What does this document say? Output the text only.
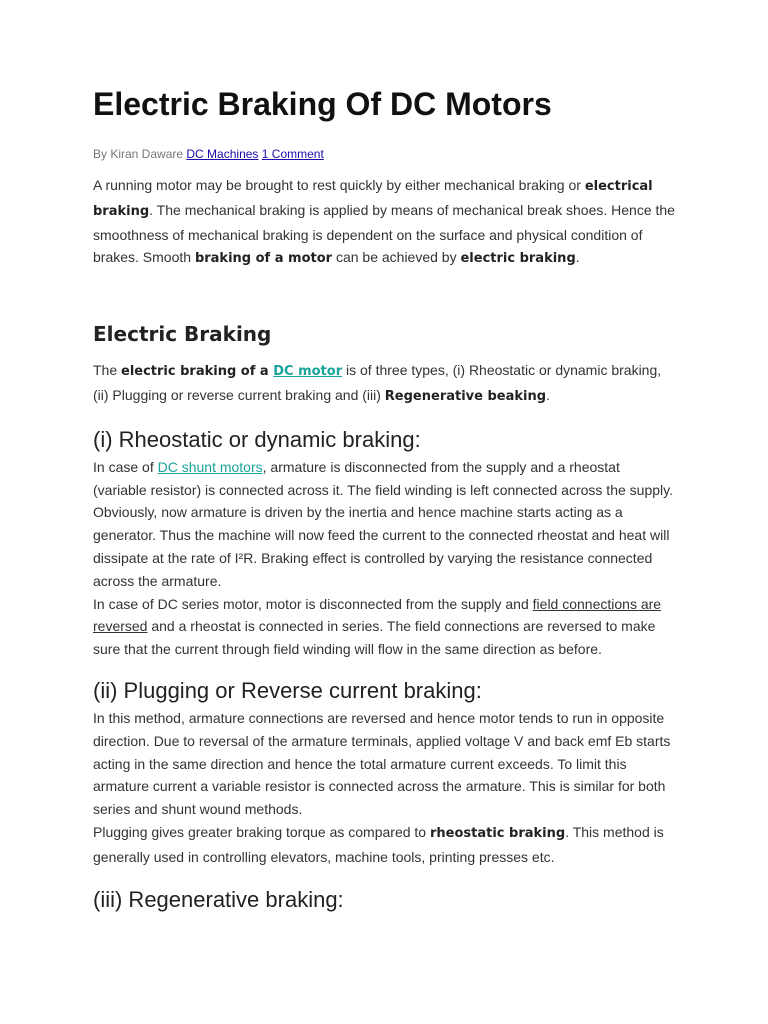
Electric Braking Of DC Motors
By Kiran Daware DC Machines 1 Comment

A running motor may be brought to rest quickly by either mechanical braking or electrical braking. The mechanical braking is applied by means of mechanical break shoes. Hence the smoothness of mechanical braking is dependent on the surface and physical condition of brakes. Smooth braking of a motor can be achieved by electric braking.

Electric Braking

The electric braking of a DC motor is of three types, (i) Rheostatic or dynamic braking, (ii) Plugging or reverse current braking and (iii) Regenerative beaking.

(i) Rheostatic or dynamic braking:

In case of DC shunt motors, armature is disconnected from the supply and a rheostat (variable resistor) is connected across it. The field winding is left connected across the supply. Obviously, now armature is driven by the inertia and hence machine starts acting as a generator. Thus the machine will now feed the current to the connected rheostat and heat will dissipate at the rate of I²R. Braking effect is controlled by varying the resistance connected across the armature.

In case of DC series motor, motor is disconnected from the supply and field connections are reversed and a rheostat is connected in series. The field connections are reversed to make sure that the current through field winding will flow in the same direction as before.

(ii) Plugging or Reverse current braking:

In this method, armature connections are reversed and hence motor tends to run in opposite direction. Due to reversal of the armature terminals, applied voltage V and back emf Eb starts acting in the same direction and hence the total armature current exceeds. To limit this armature current a variable resistor is connected across the armature. This is similar for both series and shunt wound methods.

Plugging gives greater braking torque as compared to rheostatic braking. This method is generally used in controlling elevators, machine tools, printing presses etc.

(iii) Regenerative braking:
